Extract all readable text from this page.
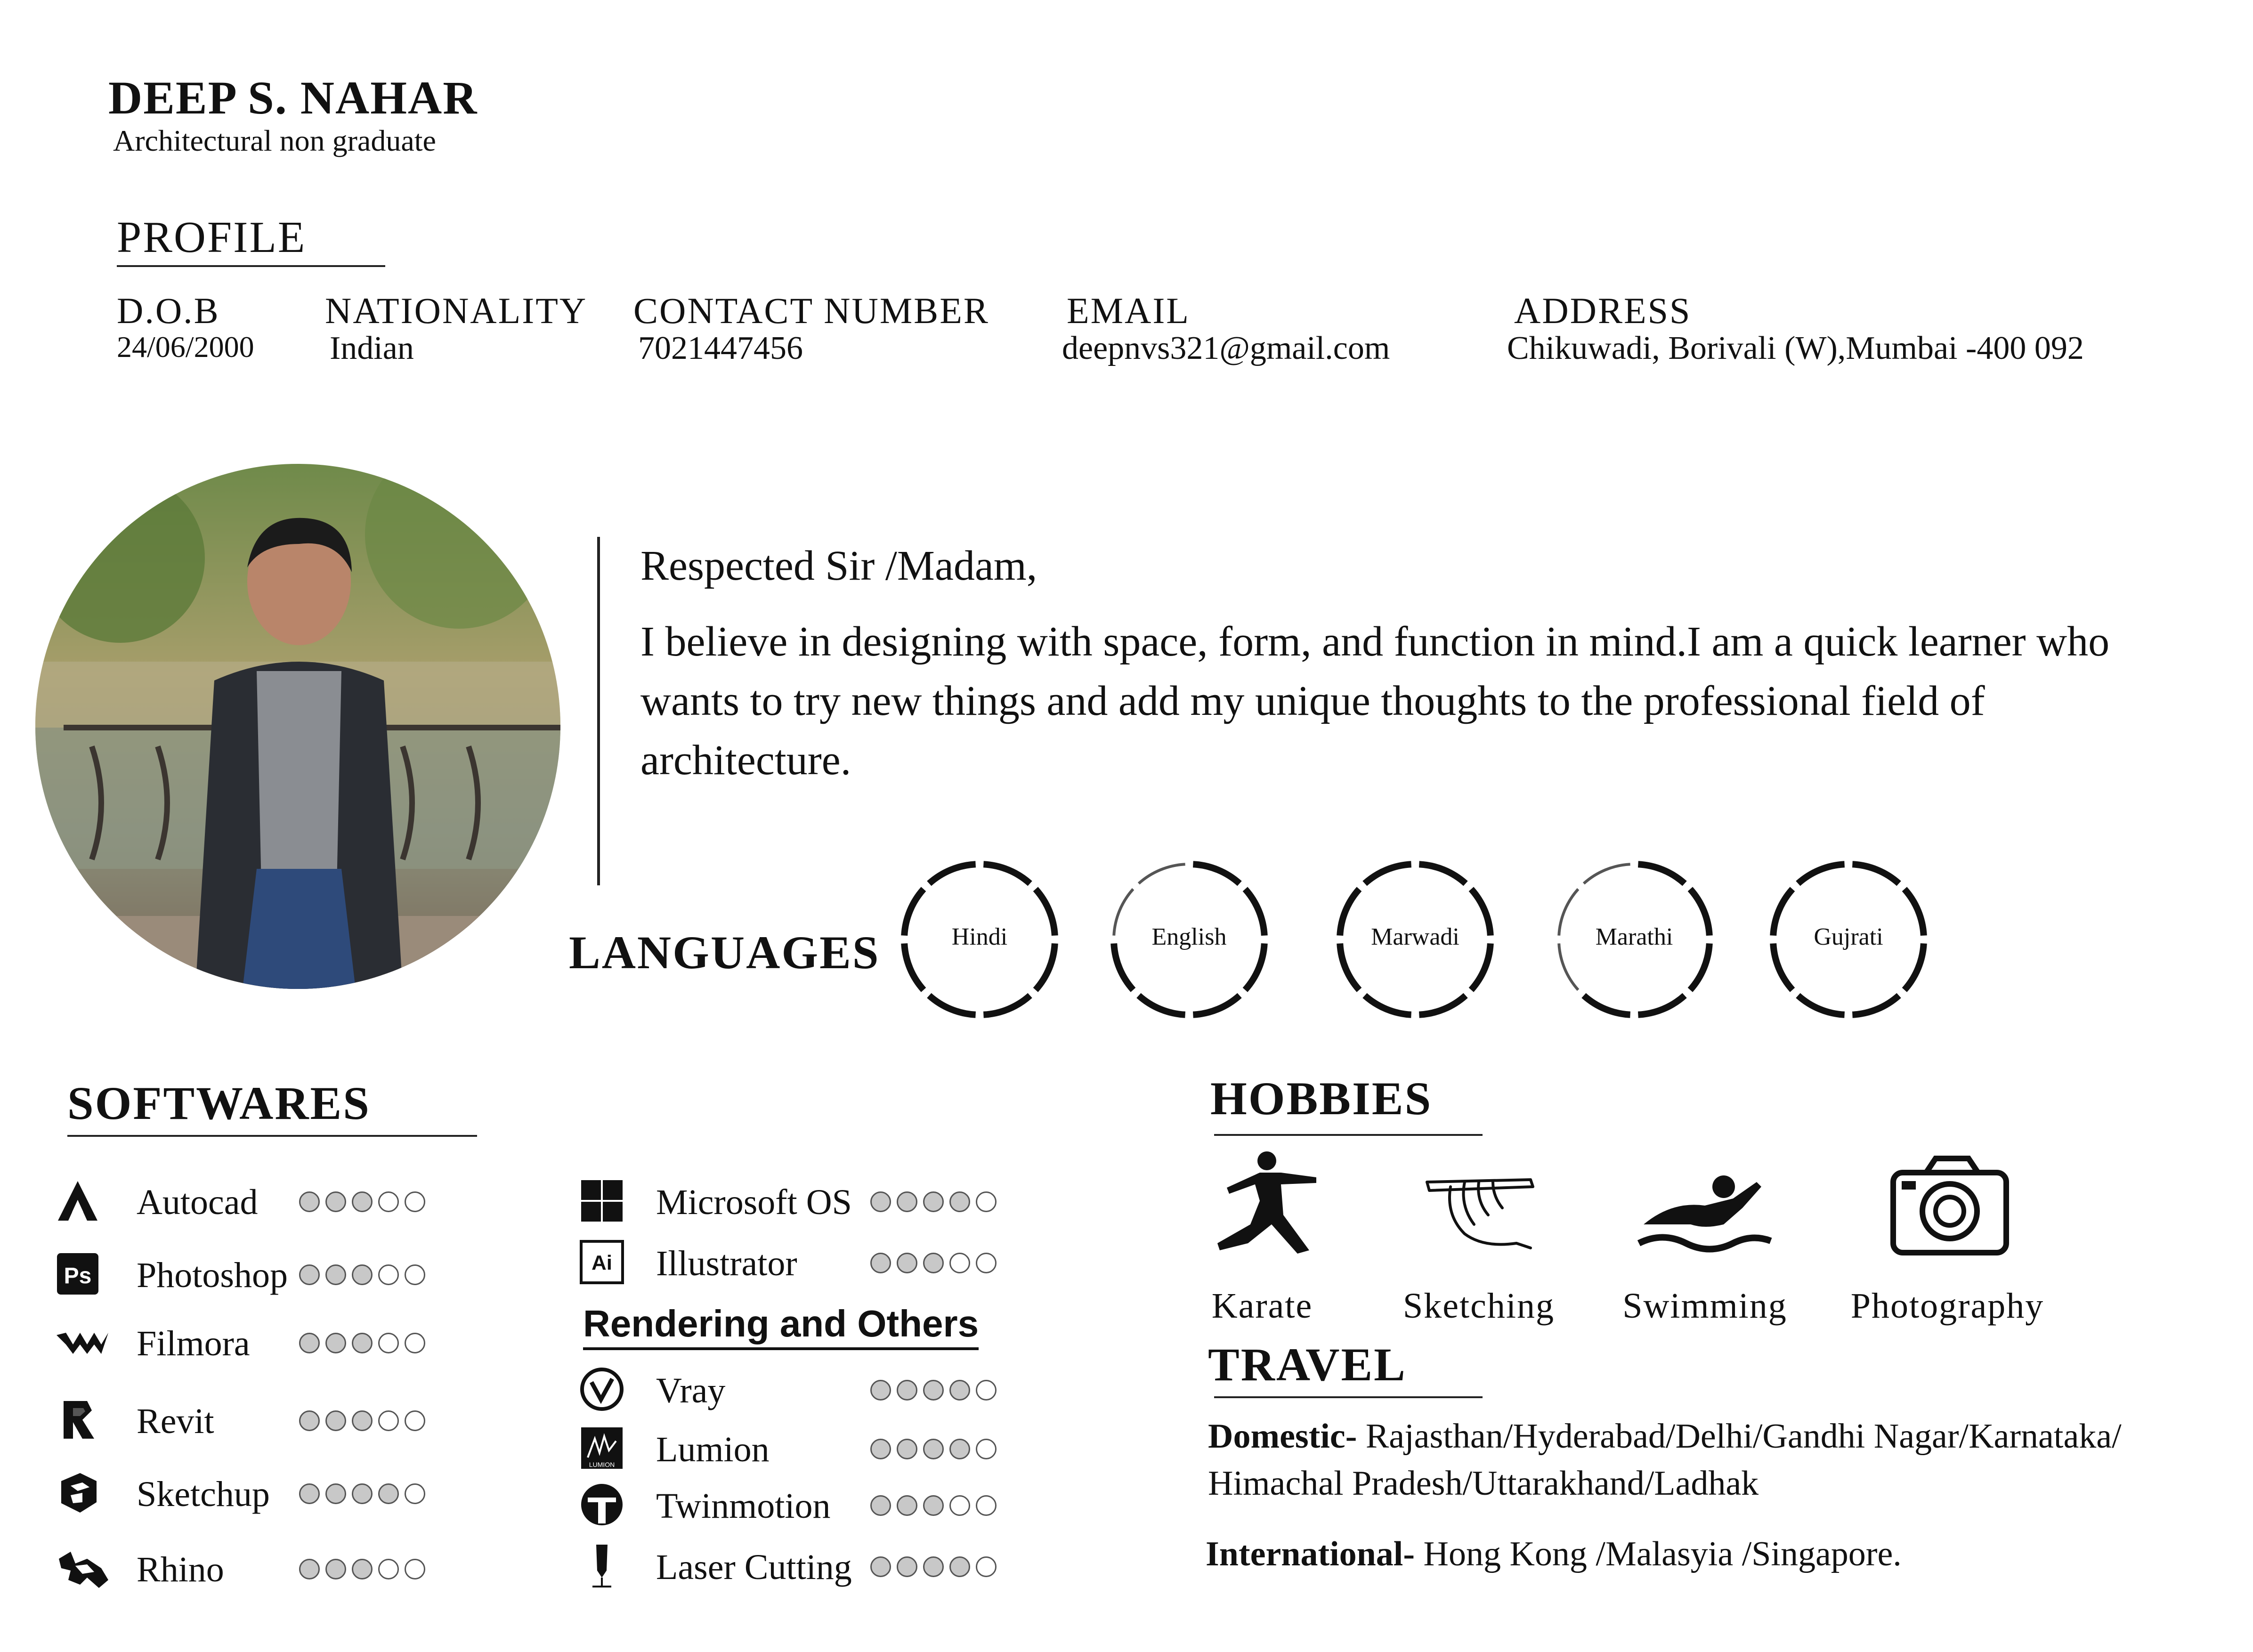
DEEP S. NAHAR
Architectural non graduate
PROFILE
D.O.B
24/06/2000
NATIONALITY
Indian
CONTACT NUMBER
7021447456
EMAIL
deepnvs321@gmail.com
ADDRESS
Chikuwadi, Borivali (W),Mumbai -400 092
Respected Sir /Madam,
I believe in designing with space, form, and function in mind.I am a quick learner who wants to try new things and add my unique thoughts to the professional field of architecture.
LANGUAGES	Hindi	English	Marwadi	Marathi	Gujrati
SOFTWARES
Autocad
Ps Photoshop
Filmora
Revit
Sketchup
Rhino
Microsoft OS
Ai Illustrator
Rendering and Others
Vray
LUMION Lumion
Twinmotion
Laser Cutting
HOBBIES
Karate	Sketching	Swimming Photography
TRAVEL
Domestic- Rajasthan/Hyderabad/Delhi/Gandhi Nagar/Karnataka/ Himachal Pradesh/Uttarakhand/Ladhak
International- Hong Kong /Malasyia /Singapore.
